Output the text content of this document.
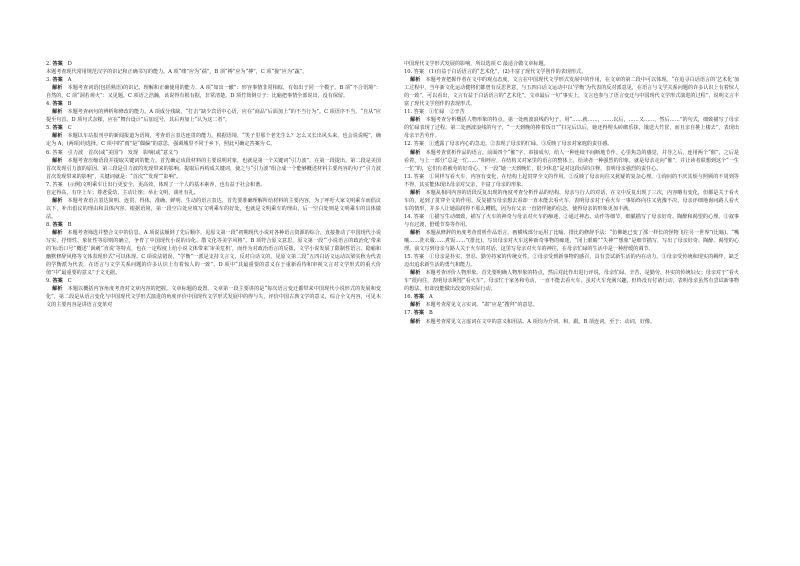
2. 答案　 D

本题考查现代常用规范汉字的识记和正确书写的能力。A 项“缕”应为“孺”，B 项“搏”应为“搏”，C 项“拢”应为“蔬”。

3. 答案　 A

解析　 本题考查词语(包括熟语)的识记、理解和正确使用的能力。A 项“如出一辙”：形容事情非常相似，有如出于同一个模子。B 项“不合语境”：自然的，C 项“洞若观火”：又见题。C 项语之浩瀚，该说得有根有据，非常清楚。D 项竹筒倒豆子：比喻把事情全部说出，没有保留。

4. 答案　 B

解析　 本题考查病句的辨析和修改的能力。A 项成分残缺，“打击”缺少宾语中心语，应在“商品”后面加上“的不当行为”。C 项语序不当，“自从”应提至句首。D 项句式杂糅，应在“舞台设计”后加逗号，其后再加上“认为这二者”。

5. 答案　 C

解析　 本题以车站报刊亭的新闻报道为语境，考查语言表达连贯的能力。根据语境，“笑子里那个老先生么？怎么又长出风头来，也会说说呢”，确定为 A，(两项)均选择。C 项中的“雨”是“偶偏”的意思，强调城里不同于乡下，照此可确定答案为 C。

6. 答案　引力波　首次(或“美国”)　发现　影响(或“意义”)

解析　 本题考查压缩语段并提取关键词的能力。首先确定该段材料的主要说明对象，也就是第一个关键词“引力波”，在第一段提出。第二段是美国首次发现引力波的原因，第三段是引力波的发现带来的影响。提取后再构成关键词，使之与“引力波”组合成一个能够概述材料主要内容的句子“引力波首次发现带来的影响”，关键词就是：“首次”“发现”“影响”。

7. 答案　(示例)文明乘车让出行更安全，更高效，体现了一个人的基本素养，也有益于社会和谐。

自定得高，有序上车；尊老爱幼，主动让座；举止文明，谈吐有礼。

解析　 本题考查语言表达简明、连贯、得体，准确、鲜明、生动的语言表达，首先要准确理解所给材料的主要内容，为了呼吁大家文明乘车而倡议以下，补出倡议的理由和具体内容。根据语境，第一段空白处应填写文明乘车的好处，也就是文明乘车的理由，后一空白处则是文明乘车的具体做法。

8. 答案　 B

解析　 本题考查筛选并整合文中的信息。A 项说法颠倒了先后顺序，见原文第一段“初期现代小说对各种语言资源的综合，直接推动了中国现代小说写实、抒情性、象征性等原则的确立，争育了中国现代小说的诗化、散文化等美学风格”。B 项符合原文意思，原文第一段“‘小说语言的政治化’带来的‘标语口号’‘概述’‘讽刺’‘直说’等特点，也在一定程度上给小说文体带来‘审美危机’，而作为对政治语言的反拨，文学小说发展了限制性语言、隐喻和幽默修辞风格等文体表现形式”可以体现。C 项说法错误，“学衡”一派是支持文言文，反对白话文的，见原文第二段“五四白话文运动以梁实秋为代表的学衡派为代表，在语言与文学关系问题的许多认识上有着惊人的一致”。D 项中“其最重要的意义在于重新看待和审视文言对文学形式的重大价值”中“最重要的意义”于文无据。

9. 答案　 C

解析　 本题以概括内容角度考查对文章内容的把握。文章标题的设置。文章第一段主要讲的是“每次语言变迁都带来中国现代小说形式的发展和变化”，第二段是从语言变化与中国现代文学形式演进的角度评价中国现代文学形式发展中的得与失，评价中国古典文学的意义，综合全文内容，可见本文的主要内容是讲语言变革对

中国现代文学形式发展的影响，所以选项 C 最适合做文章标题。

10. 答案　(1)有益于白话语言的“艺术化”。(2)丰富了现代文学创作的表现形式。

解析　 本题考查把握作者在文中的观点态度。文言在中国现代文学形式发展中的作用，在文章的第二段中可以体现。“在追寻白话语言的‘艺术化’加工过程中，当年新文化运动健将们都曾有反思世意，与五四白话文运动中以‘学衡’为代表的反对派意见，在语言与文学关系问题的许多认识上有着惊人的一致”，可以看出，文言有益于白话语言的“艺术化”。文章最后一句“事实上，文言也参与了语言变迁与中国现代文学形式演进的过程”，说明文言丰富了现代文学创作的表现形式。

11. 答案　①忙碌　②辛苦

解析　 本题考查分析概括人物形象的特点。第一处画波浪线的句子，用“……就……，……以后，……又……，然后……”的句式，细致描写了母亲的忙碌表现了过程。第二处画波浪线的句子，“一天到晚的捧着饭日”“扫完后以后，她还得埋头砖砌乐抹，饿送大竹筐，而且亲自挑上楼去”，表现出母亲辛苦劳作。

12. 答案　①透露了母亲内心的急迫。②表现了母亲的忙碌。③反映了母亲对家庭的责任感。

解析　 本题考查赏析作品的语言。前面四个“催”字，串接成句，给人一种连续不间断地节作。心里焦急的感觉，并导之后，连用两个“催”，之后是看着，与上一部分“总是一忙……”相呼应，在结构又对家里的语言的整体上，给读者一种强烈的印象，就是母亲走向“催”，并让读者联想到这个“一生一忙”的，它们有着被劳的好奇心。下一段“她一天到晚忙，很少休息”是对这段话的注释，表明母亲强烈的责任心。

13. 答案　①同样写看火车，内容有变化，在结构上起贯穿全文的作用。②反映了母亲向往又犹疑的复杂心理。③询问的不厌其烦与照顾的不周到等不得，其实能体现出母亲对父亲，丰富了母亲的形象。

解析　 本题从相同内容的语段反复出现的角度考查分析作品的结构，母亲与行人的对话，在文中反复出现了三次，内容略有变化，但都是关于看火车的，起到了贯穿全文的作用。反复描写母亲想去看却一直未能去看火车，表明母亲对于看火车一事始终向往又犹豫不决，母亲评细地询问路人看火车的情形，并多人让她温润得不那么糟糕，因为有父亲一直陪伴她的信念，使得母亲的形象更加丰满。

14. 答案　①描写生动细致，描写了火车的神奇与母亲对火车的痴迷，②通过神态、动作等细节，细腻描写了母亲好奇、陶醉和渴望的心理。③叙事与有过渡，舒缓节奏等作用。

解析　 本题从修辞的角度考查赏析作品语言。画横线部分运用了比喻、排比的修辞手法：“仿佛她已变了那一样长的怪物飞往另一世界”(比喻)、“嘴嚷……洗衣服……煮饭……”(排比)，写出母亲对火车这种新奇事物的痴迷，“闭上眼睛”“失神”“想象”是细节描写，写出了母亲好奇、陶醉、渴望的心理。前文写到母亲与路人关于火车的对话，这里写母亲对火车的神往，在母亲忙碌的生活中是一种舒缓的调节。

15. 答案　①母亲是朴实、坚忍、勤劳持家的传统女性。②母亲受到新事物的感召，具有尝试新生活的内在动力。③母亲受传统和现实的羁绊，缺乏迈出追求新生活的勇气和能力。

解析　 本题考查评价人物形象。首先要明确人物形象的特点，然后对此作出进行评说，母亲忙碌、辛苦、是勤劳、朴实的传统妇女；母亲对于“看火车”很向往，表明母亲期望“看火车”，母亲忙于家务和劳动，一直不能去看火车，虽对火车充满兴趣，但终没有付诸行动，表明母亲虽然有尝试新事物的想法，但却没能做出改变的实际行动。

16. 答案　 A

解析　 本题考查常见文言实词。“肃”应是“搜拜”的意思。

17. 答案　 B

解析　 本题考查常见文言虚词在文中的意义和用法。A 项均为介词，和，跟。B 项连词，至于；动词，好像。
